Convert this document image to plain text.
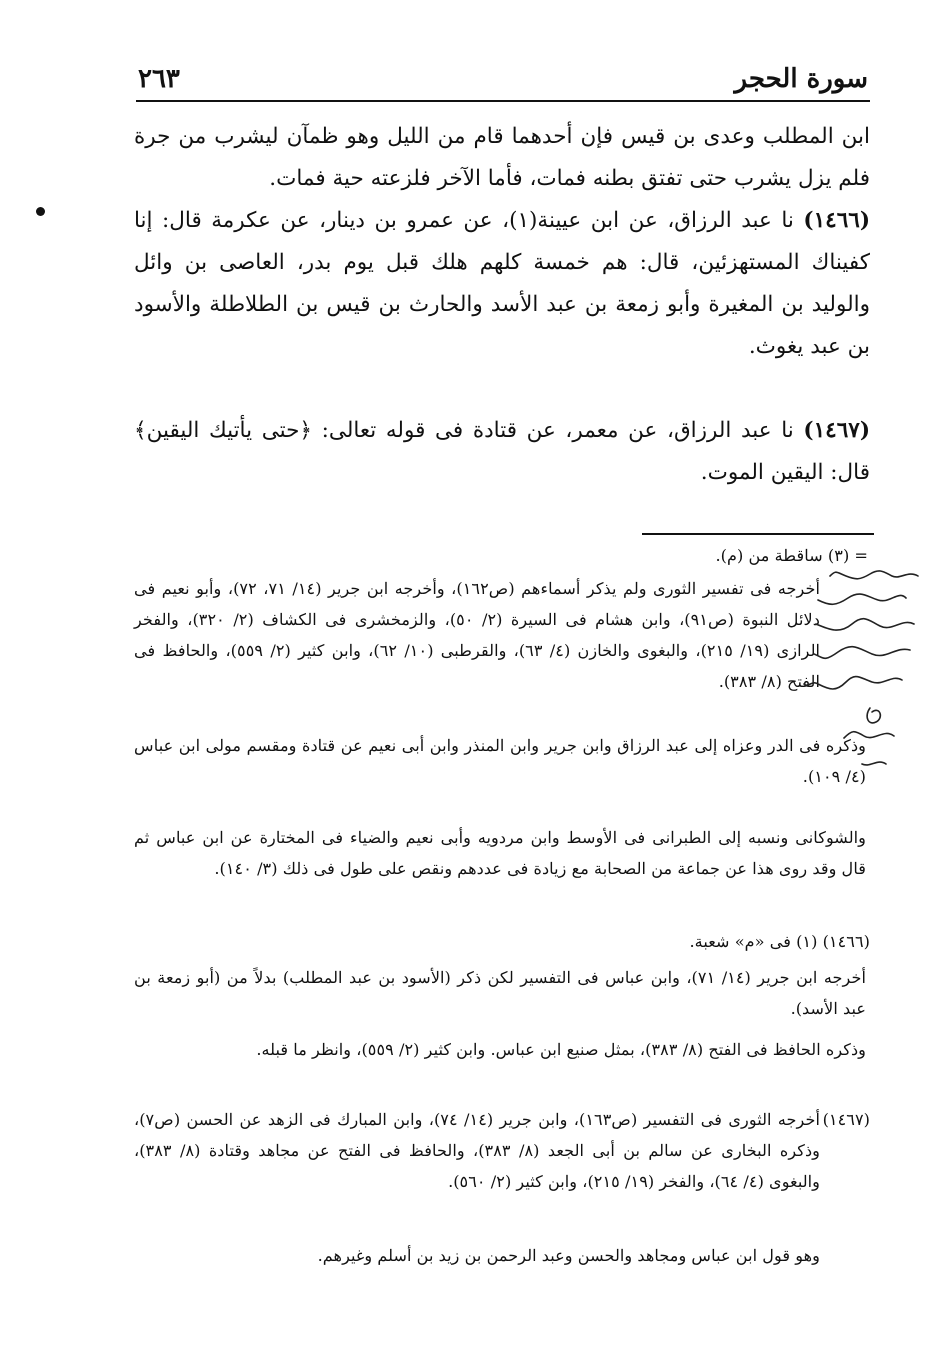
سورة الحجر
٢٦٣

ابن المطلب وعدى بن قيس فإن أحدهما قام من الليل وهو ظمآن ليشرب من جرة فلم يزل يشرب حتى تفتق بطنه فمات، فأما الآخر فلزعته حية فمات.

(١٤٦٦) نا عبد الرزاق، عن ابن عيينة(١)، عن عمرو بن دينار، عن عكرمة قال: إنا كفيناك المستهزئين، قال: هم خمسة كلهم هلك قبل يوم بدر، العاصى بن وائل والوليد بن المغيرة وأبو زمعة بن عبد الأسد والحارث بن قيس بن الطلاطلة والأسود بن عبد يغوث.

(١٤٦٧) نا عبد الرزاق، عن معمر، عن قتادة فى قوله تعالى: ﴿حتى يأتيك اليقين﴾ قال: اليقين الموت.

= (٣) ساقطة من (م).

أخرجه فى تفسير الثورى ولم يذكر أسماءهم (ص١٦٢)، وأخرجه ابن جرير (١٤/ ٧١، ٧٢)، وأبو نعيم فى دلائل النبوة (ص٩١)، وابن هشام فى السيرة (٢/ ٥٠)، والزمخشرى فى الكشاف (٢/ ٣٢٠)، والفخر الرازى (١٩/ ٢١٥)، والبغوى والخازن (٤/ ٦٣)، والقرطبى (١٠/ ٦٢)، وابن كثير (٢/ ٥٥٩)، والحافظ فى الفتح (٨/ ٣٨٣).

وذكره فى الدر وعزاه إلى عبد الرزاق وابن جرير وابن المنذر وابن أبى نعيم عن قتادة ومقسم مولى ابن عباس (٤/ ١٠٩).

والشوكانى ونسبه إلى الطبرانى فى الأوسط وابن مردويه وأبى نعيم والضياء فى المختارة عن ابن عباس ثم قال وقد روى هذا عن جماعة من الصحابة مع زيادة فى عددهم ونقص على طول فى ذلك (٣/ ١٤٠).

(١٤٦٦) (١) فى «م» شعبة.

أخرجه ابن جرير (١٤/ ٧١)، وابن عباس فى التفسير لكن ذكر (الأسود بن عبد المطلب) بدلاً من (أبو زمعة بن عبد الأسد).

وذكره الحافظ فى الفتح (٨/ ٣٨٣)، بمثل صنيع ابن عباس. وابن كثير (٢/ ٥٥٩)، وانظر ما قبله.

(١٤٦٧)

أخرجه الثورى فى التفسير (ص١٦٣)، وابن جرير (١٤/ ٧٤)، وابن المبارك فى الزهد عن الحسن (ص٧)، وذكره البخارى عن سالم بن أبى الجعد (٨/ ٣٨٣)، والحافظ فى الفتح عن مجاهد وقتادة (٨/ ٣٨٣)، والبغوى (٤/ ٦٤)، والفخر (١٩/ ٢١٥)، وابن كثير (٢/ ٥٦٠).

وهو قول ابن عباس ومجاهد والحسن وعبد الرحمن بن زيد بن أسلم وغيرهم.
